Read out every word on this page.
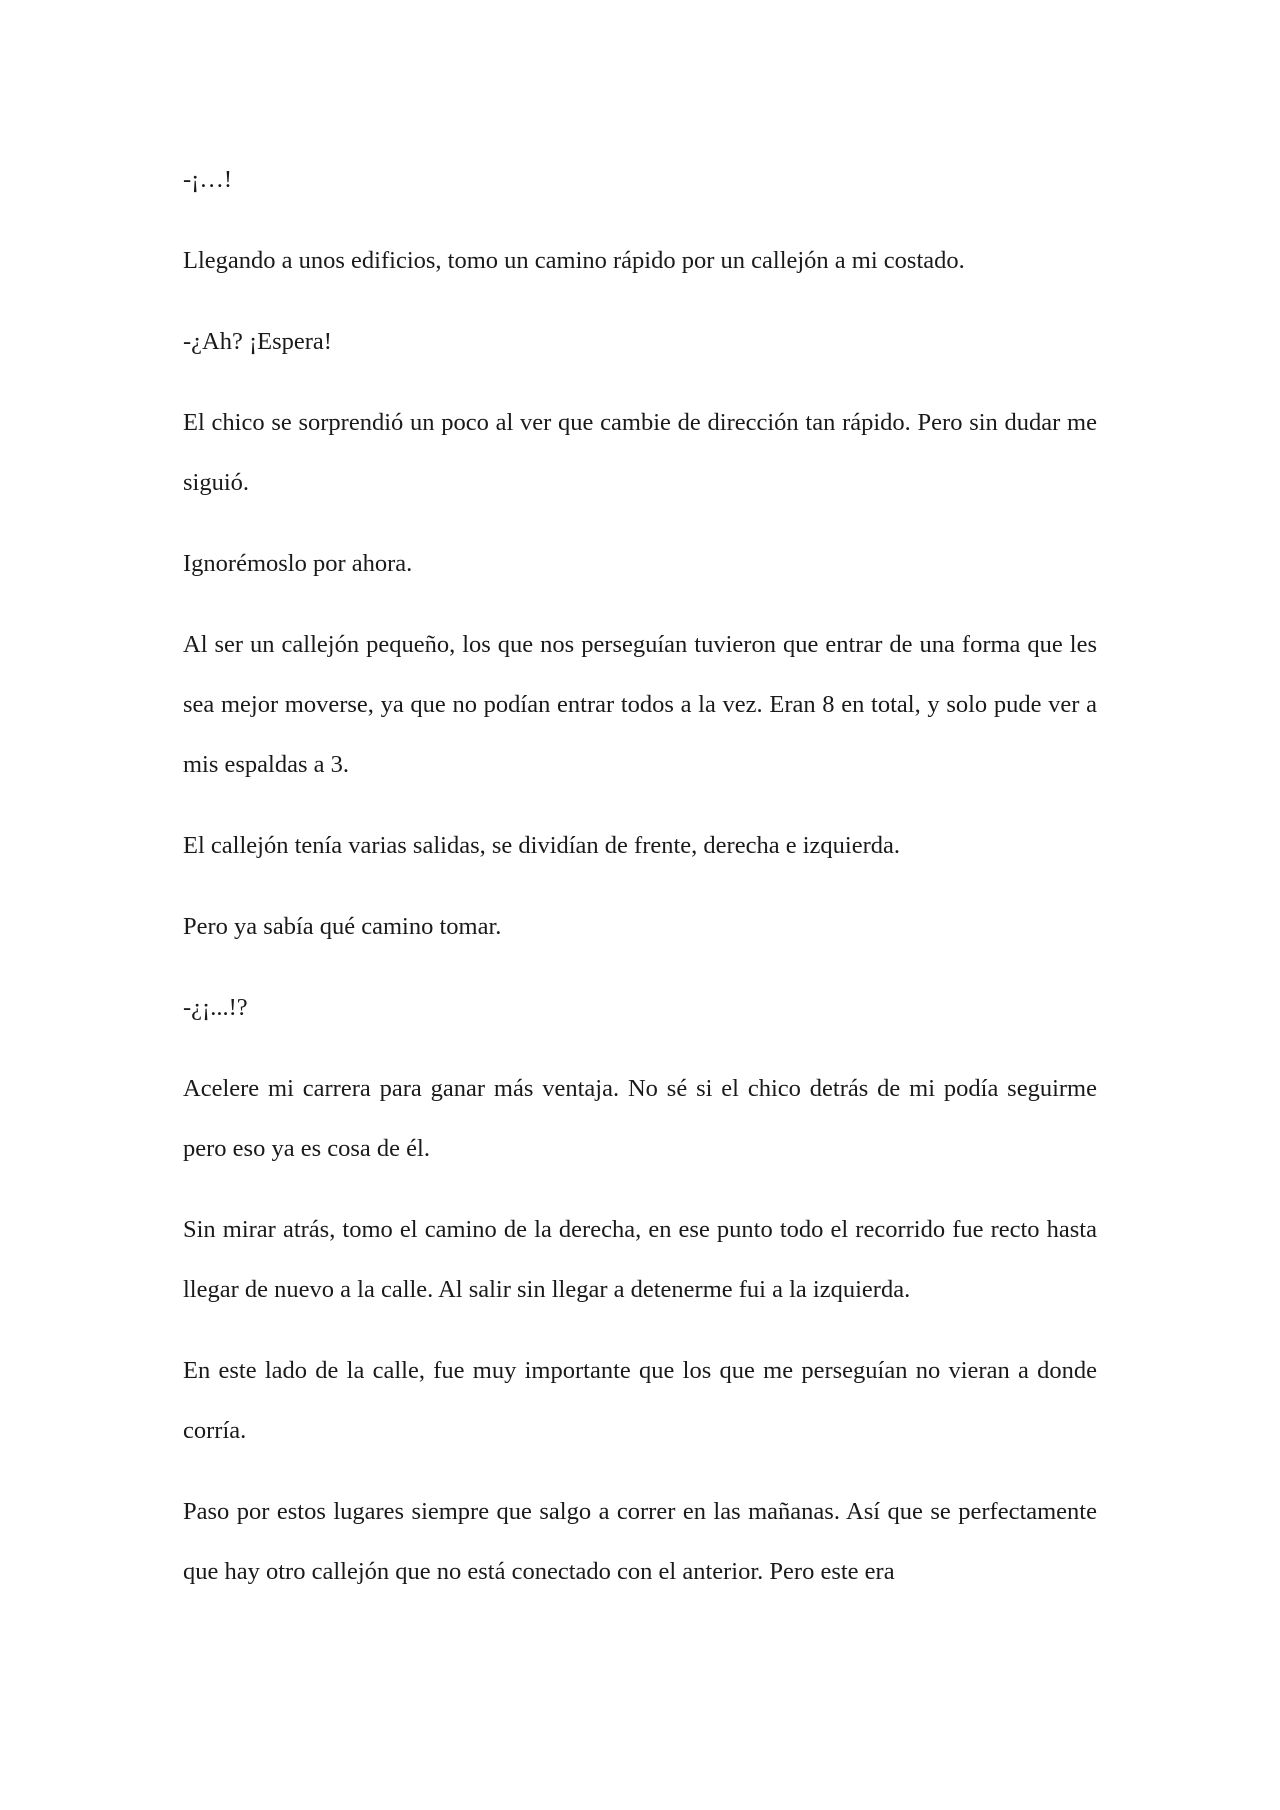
-¡…!

Llegando a unos edificios, tomo un camino rápido por un callejón a mi costado.

-¿Ah? ¡Espera!

El chico se sorprendió un poco al ver que cambie de dirección tan rápido. Pero sin dudar me siguió.

Ignorémoslo por ahora.

Al ser un callejón pequeño, los que nos perseguían tuvieron que entrar de una forma que les sea mejor moverse, ya que no podían entrar todos a la vez. Eran 8 en total, y solo pude ver a mis espaldas a 3.

El callejón tenía varias salidas, se dividían de frente, derecha e izquierda.

Pero ya sabía qué camino tomar.

-¿¡...!?

Acelere mi carrera para ganar más ventaja. No sé si el chico detrás de mi podía seguirme pero eso ya es cosa de él.

Sin mirar atrás, tomo el camino de la derecha, en ese punto todo el recorrido fue recto hasta llegar de nuevo a la calle. Al salir sin llegar a detenerme fui a la izquierda.

En este lado de la calle, fue muy importante que los que me perseguían no vieran a donde corría.

Paso por estos lugares siempre que salgo a correr en las mañanas. Así que se perfectamente que hay otro callejón que no está conectado con el anterior. Pero este era
